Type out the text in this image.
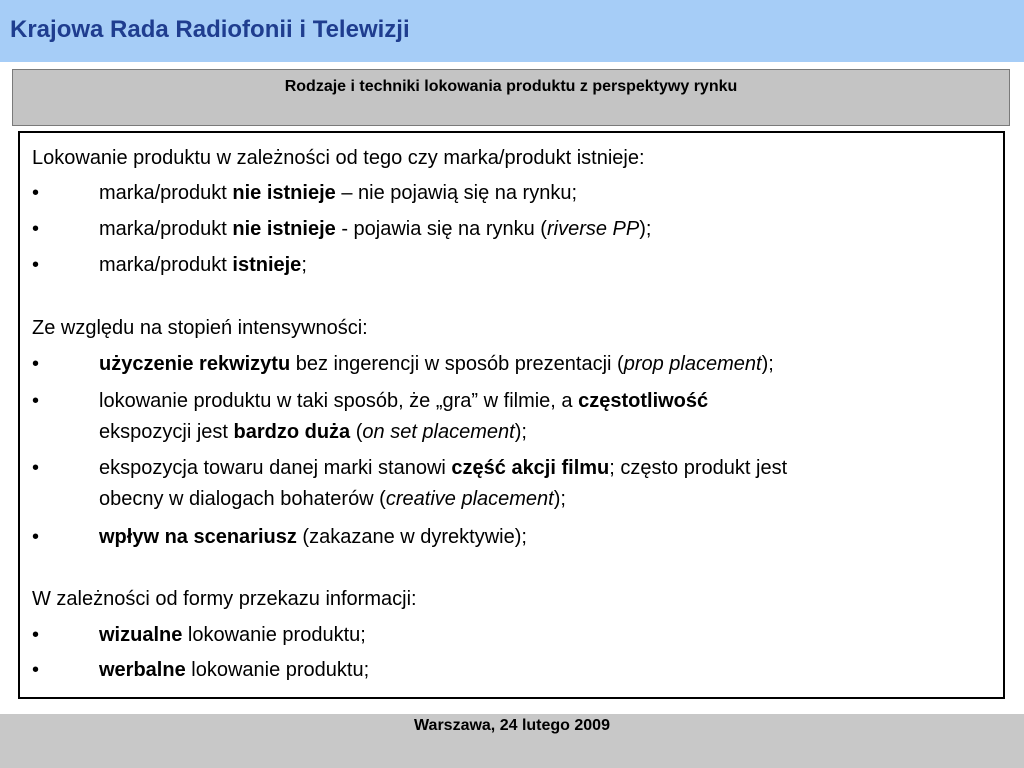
Krajowa Rada Radiofonii i Telewizji
Rodzaje i techniki lokowania produktu z perspektywy rynku
Lokowanie produktu w zależności od tego czy marka/produkt istnieje:
•	marka/produkt nie istnieje – nie pojawią się na rynku;
•	marka/produkt nie istnieje - pojawia się na rynku (riverse PP);
•	marka/produkt istnieje;
Ze względu na stopień intensywności:
•	użyczenie rekwizytu bez ingerencji w sposób prezentacji (prop placement);
•	lokowanie produktu w taki sposób, że „gra” w filmie, a częstotliwość
ekspozycji jest bardzo duża (on set placement);
•	ekspozycja towaru danej marki stanowi część akcji filmu; często produkt jest
obecny w dialogach bohaterów (creative placement);
•	wpływ na scenariusz (zakazane w dyrektywie);
W zależności od formy przekazu informacji:
•	wizualne lokowanie produktu;
•	werbalne lokowanie produktu;
Warszawa, 24 lutego 2009
